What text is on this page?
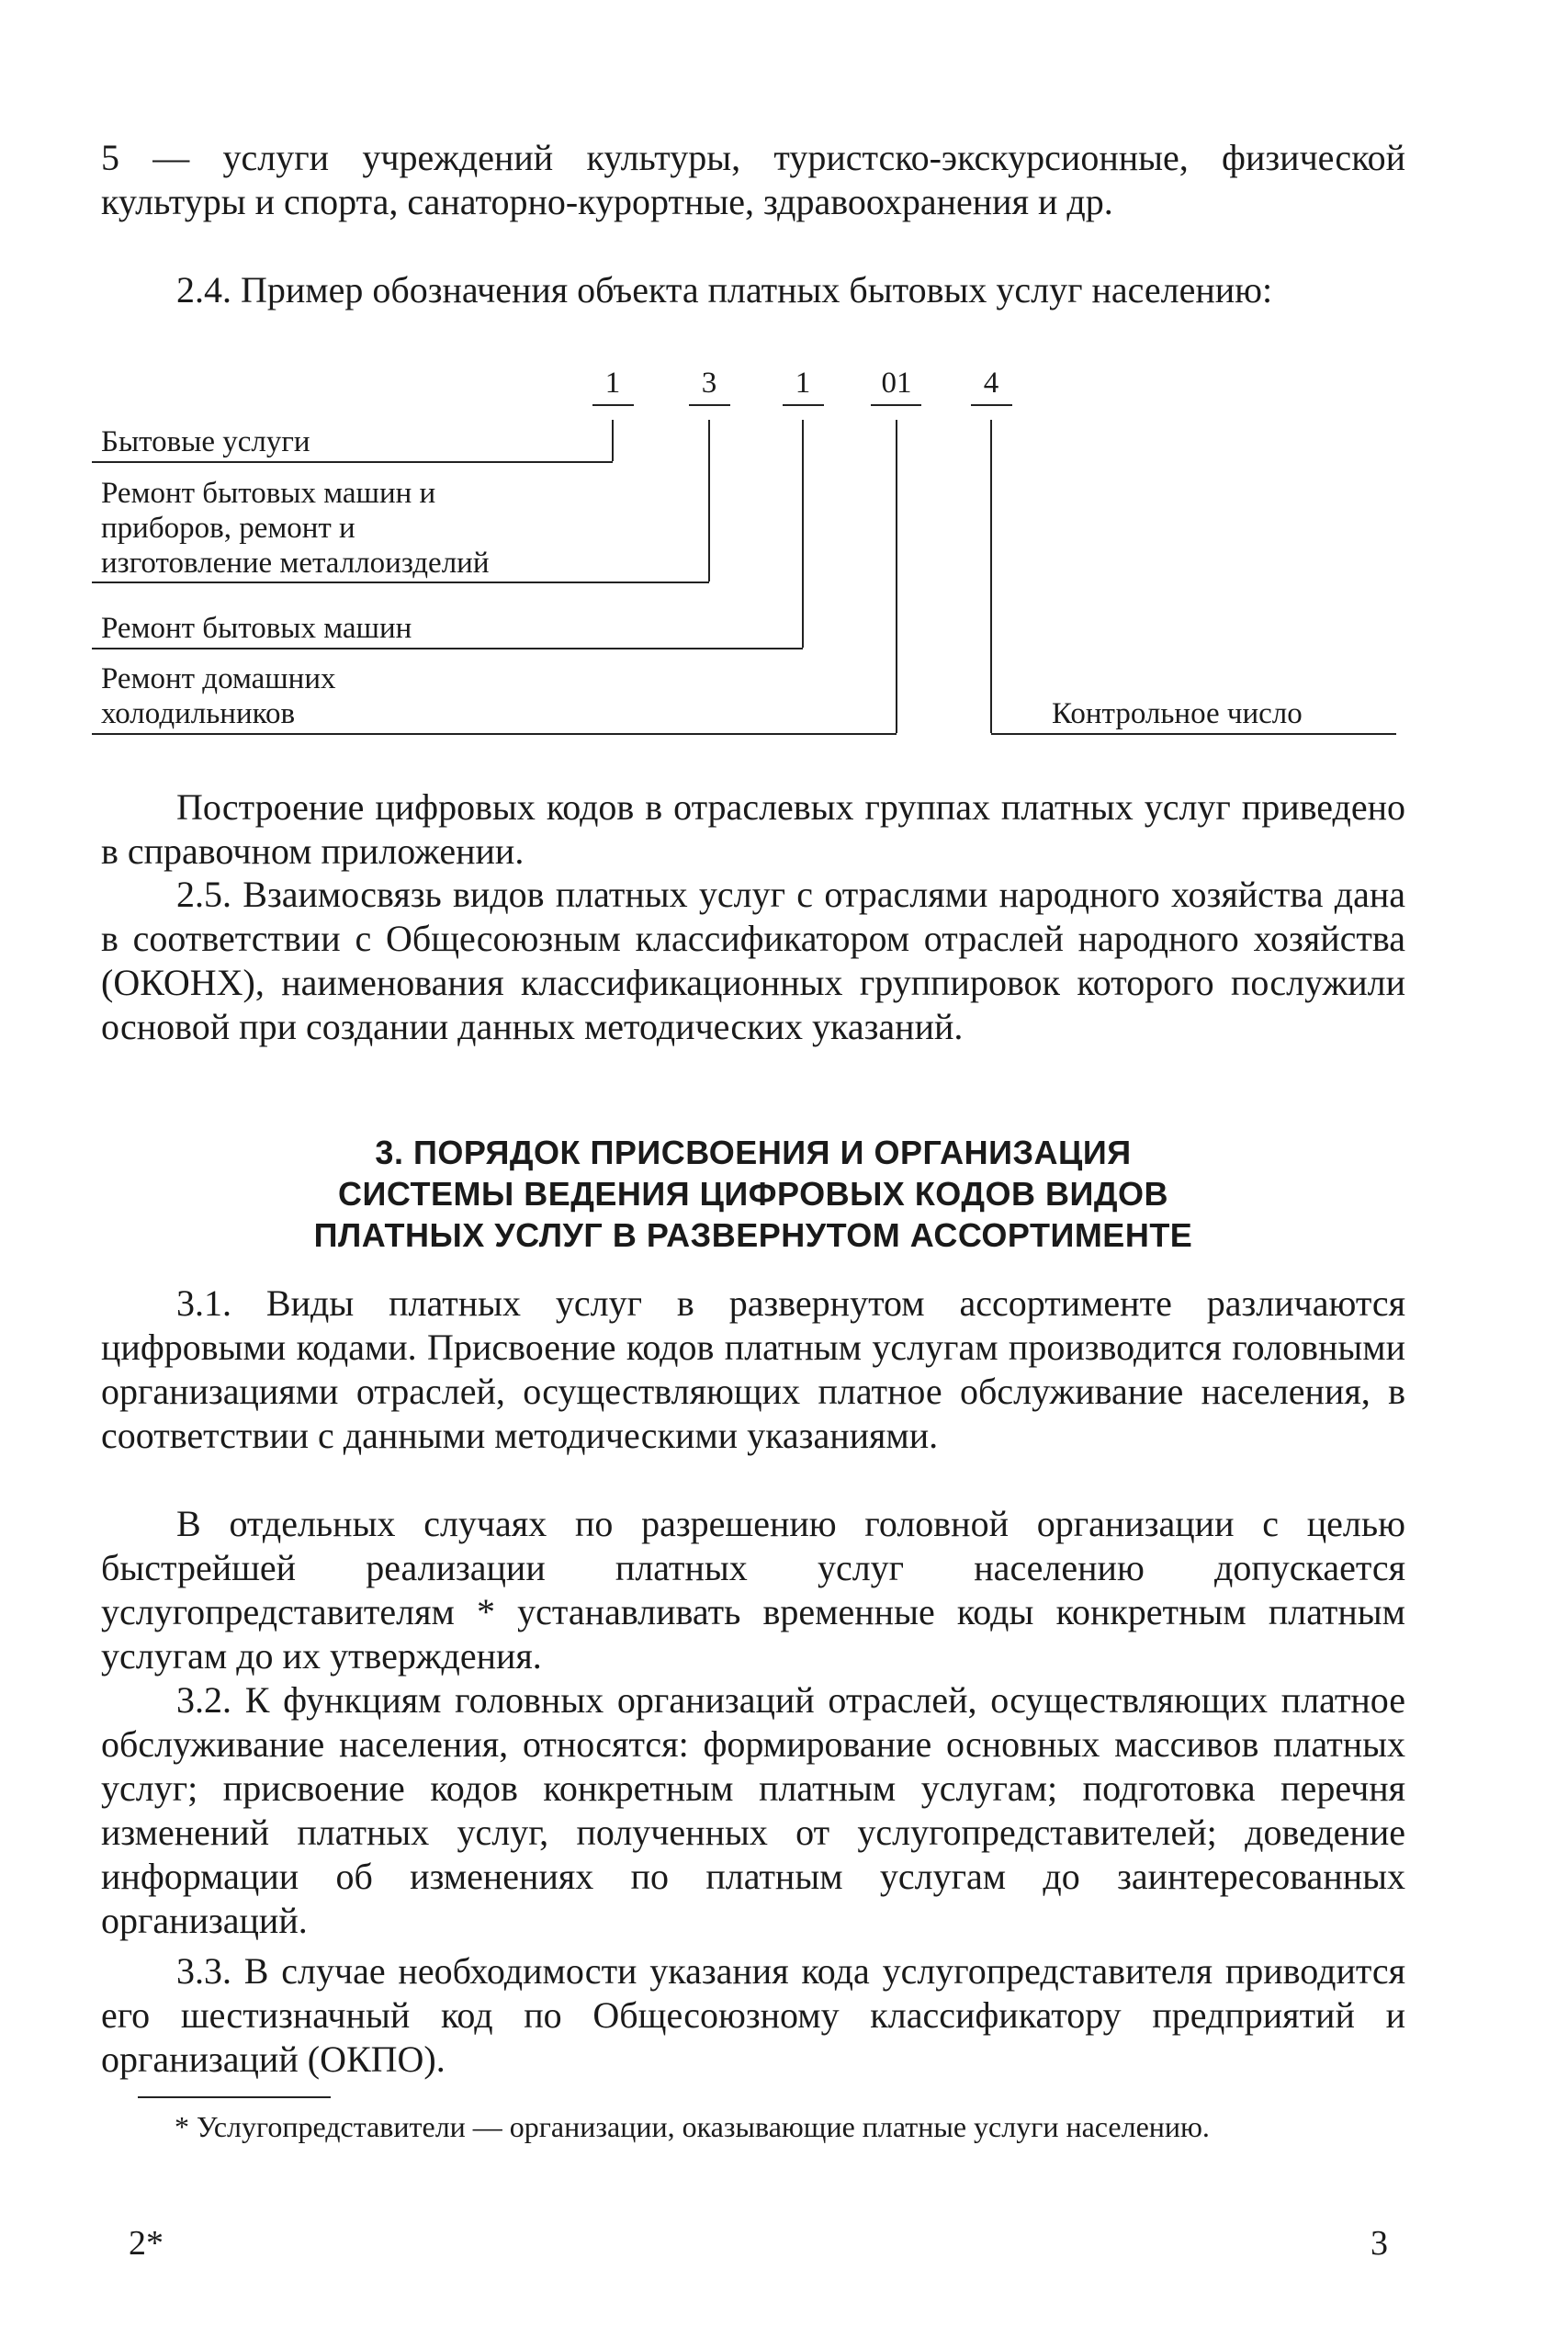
5 — услуги учреждений культуры, туристско-экскурсионные, физической культуры и спорта, санаторно-курортные, здравоохранения и др.

2.4. Пример обозначения объекта платных бытовых услуг населению:

1	3	1	01	4

Бытовые услуги

Ремонт бытовых машин и приборов, ремонт и изготовление металлоизделий

Ремонт бытовых машин

Ремонт домашних холодильников	Контрольное число

Построение цифровых кодов в отраслевых группах платных услуг приведено в справочном приложении.

2.5. Взаимосвязь видов платных услуг с отраслями народного хозяйства дана в соответствии с Общесоюзным классификатором отраслей народного хозяйства (ОКОНХ), наименования классификационных группировок которого послужили основой при создании данных методических указаний.

3. ПОРЯДОК ПРИСВОЕНИЯ И ОРГАНИЗАЦИЯ СИСТЕМЫ ВЕДЕНИЯ ЦИФРОВЫХ КОДОВ ВИДОВ ПЛАТНЫХ УСЛУГ В РАЗВЕРНУТОМ АССОРТИМЕНТЕ

3.1. Виды платных услуг в развернутом ассортименте различаются цифровыми кодами. Присвоение кодов платным услугам производится головными организациями отраслей, осуществляющих платное обслуживание населения, в соответствии с данными методическими указаниями.

В отдельных случаях по разрешению головной организации с целью быстрейшей реализации платных услуг населению допускается услугопредставителям * устанавливать временные коды конкретным платным услугам до их утверждения.

3.2. К функциям головных организаций отраслей, осуществляющих платное обслуживание населения, относятся: формирование основных массивов платных услуг; присвоение кодов конкретным платным услугам; подготовка перечня изменений платных услуг, полученных от услугопредставителей; доведение информации об изменениях по платным услугам до заинтересованных организаций.

3.3. В случае необходимости указания кода услугопредставителя приводится его шестизначный код по Общесоюзному классификатору предприятий и организаций (ОКПО).

* Услугопредставители — организации, оказывающие платные услуги населению.

2*	3
